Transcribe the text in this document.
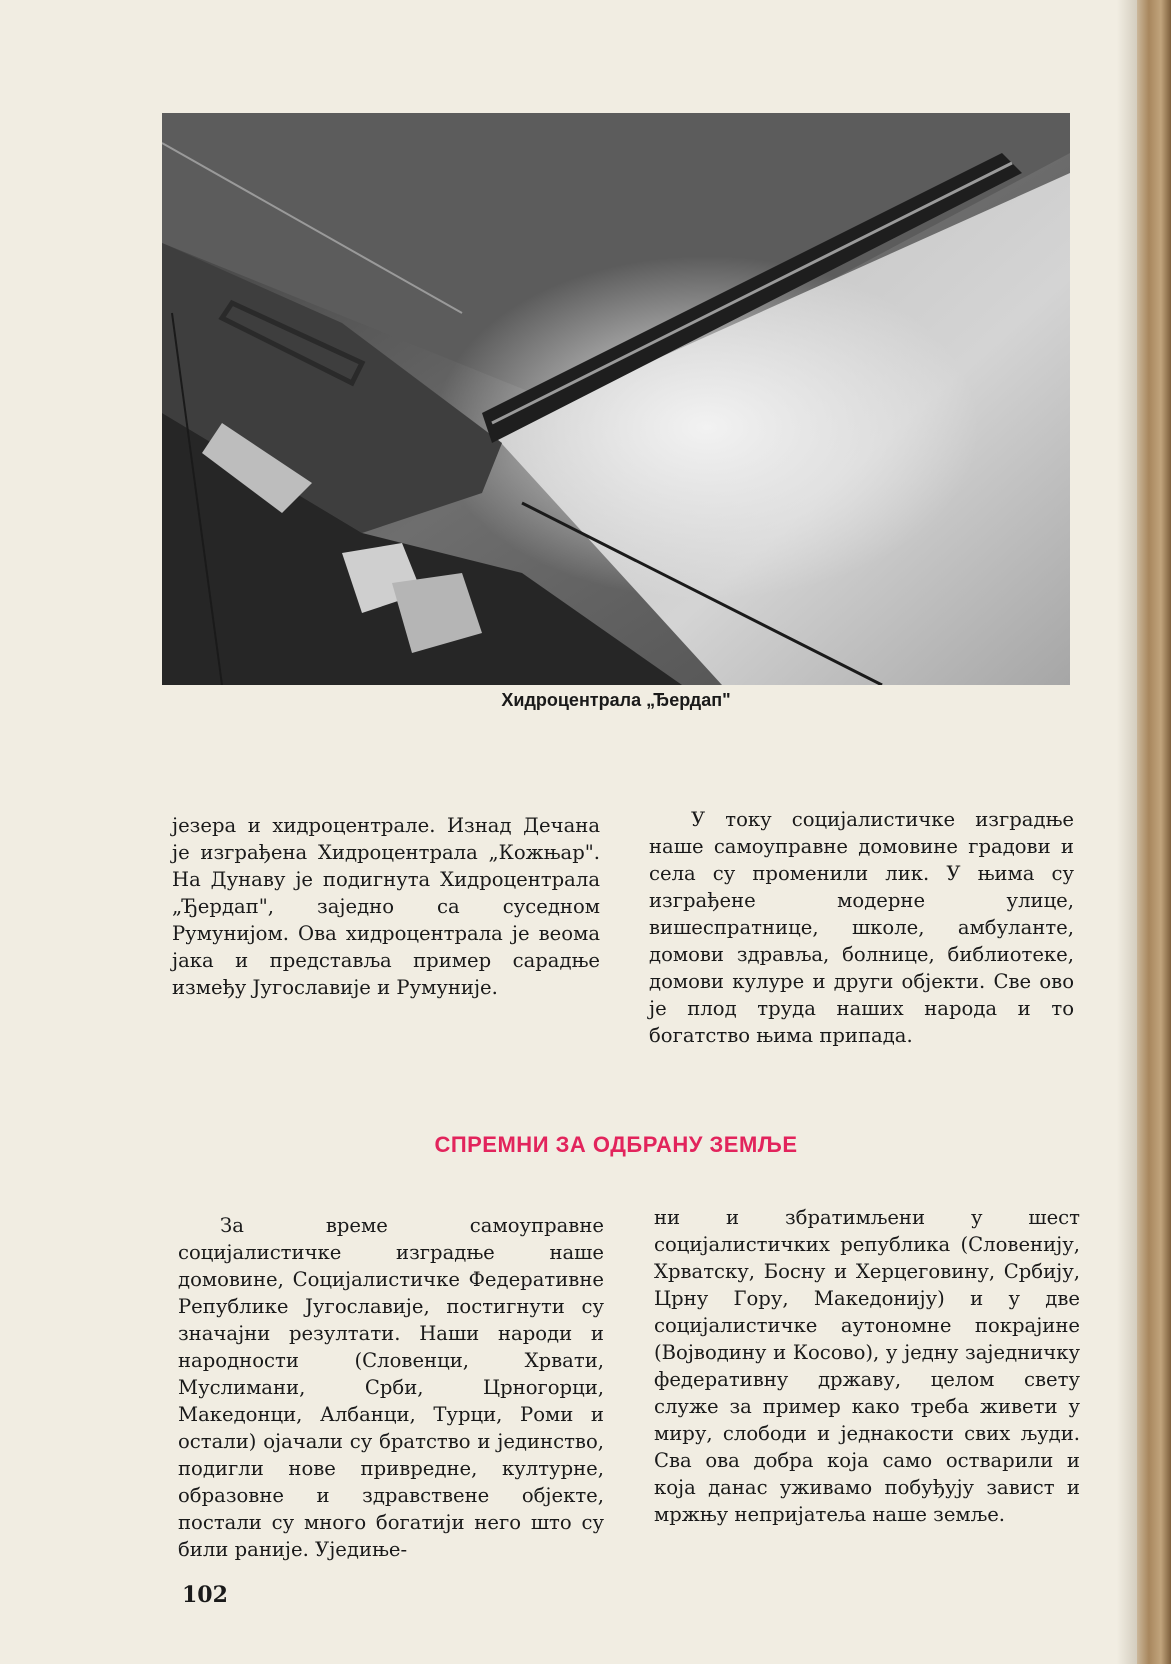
Хидроцентрала „Ђердап"

језера и хидроцентрале. Изнад Дечана је изграђена Хидроцентрала „Кожњар". На Дунаву је подигнута Хидроцентрала „Ђердап", заједно са суседном Румунијом. Ова хидроцентрала је веома јака и представља пример сарадње између Југославије и Румуније.

У току социјалистичке изградње наше самоуправне домовине градови и села су променили лик. У њима су изграђене модерне улице, вишеспратнице, школе, амбуланте, домови здравља, болнице, библиотеке, домови кулуре и други објекти. Све ово је плод труда наших народа и то богатство њима припада.

СПРЕМНИ ЗА ОДБРАНУ ЗЕМЉЕ

За време самоуправне социјалистичке изградње наше домовине, Социјалистичке Федеративне Републике Југославије, постигнути су значајни резултати. Наши народи и народности (Словенци, Хрвати, Муслимани, Срби, Црногорци, Македонци, Албанци, Турци, Роми и остали) ојачали су братство и јединство, подигли нове привредне, културне, образовне и здравствене објекте, постали су много богатији него што су били раније. Уједиње-

ни и збратимљени у шест социјалистичких република (Словенију, Хрватску, Босну и Херцеговину, Србију, Црну Гору, Македонију) и у две социјалистичке аутономне покрајине (Војводину и Косово), у једну заједничку федеративну државу, целом свету служе за пример како треба живети у миру, слободи и једнакости свих људи. Сва ова добра која само остварили и која данас уживамо побуђују завист и мржњу непријатеља наше земље.

102
